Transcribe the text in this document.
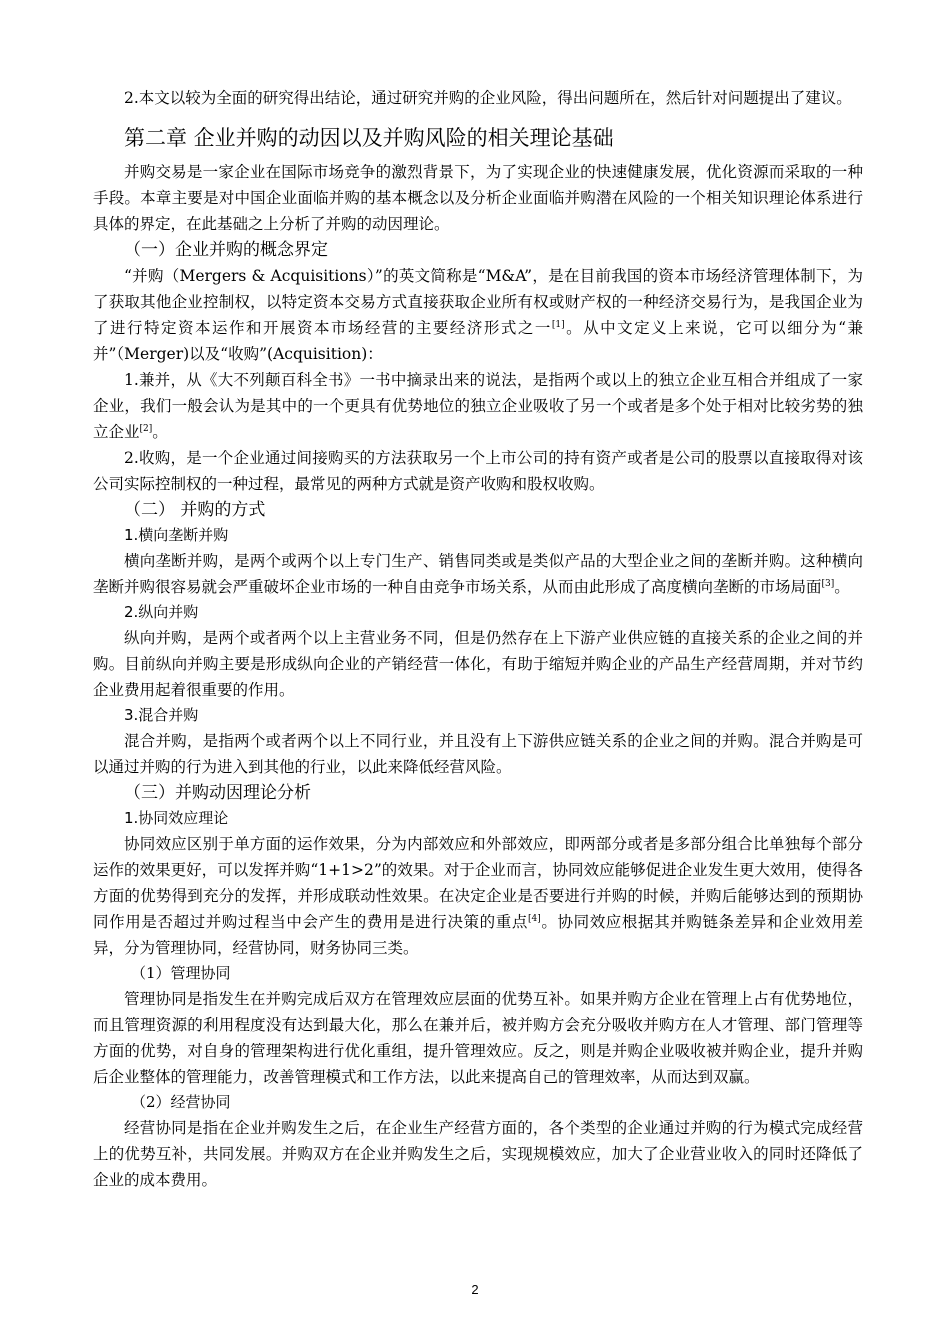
2.本文以较为全面的研究得出结论，通过研究并购的企业风险，得出问题所在，然后针对问题提出了建议。

第二章 企业并购的动因以及并购风险的相关理论基础

并购交易是一家企业在国际市场竞争的激烈背景下，为了实现企业的快速健康发展，优化资源而采取的一种手段。本章主要是对中国企业面临并购的基本概念以及分析企业面临并购潜在风险的一个相关知识理论体系进行具体的界定，在此基础之上分析了并购的动因理论。

（一）企业并购的概念界定

“并购（Mergers & Acquisitions）”的英文简称是“M&A”，是在目前我国的资本市场经济管理体制下，为了获取其他企业控制权，以特定资本交易方式直接获取企业所有权或财产权的一种经济交易行为，是我国企业为了进行特定资本运作和开展资本市场经营的主要经济形式之一[1]。从中文定义上来说，它可以细分为“兼并”（Merger)以及“收购”(Acquisition)：

1.兼并，从《大不列颠百科全书》一书中摘录出来的说法，是指两个或以上的独立企业互相合并组成了一家企业，我们一般会认为是其中的一个更具有优势地位的独立企业吸收了另一个或者是多个处于相对比较劣势的独立企业[2]。

2.收购，是一个企业通过间接购买的方法获取另一个上市公司的持有资产或者是公司的股票以直接取得对该公司实际控制权的一种过程，最常见的两种方式就是资产收购和股权收购。

（二） 并购的方式
1.横向垄断并购

横向垄断并购，是两个或两个以上专门生产、销售同类或是类似产品的大型企业之间的垄断并购。这种横向垄断并购很容易就会严重破坏企业市场的一种自由竞争市场关系，从而由此形成了高度横向垄断的市场局面[3]。

2.纵向并购

纵向并购，是两个或者两个以上主营业务不同，但是仍然存在上下游产业供应链的直接关系的企业之间的并购。目前纵向并购主要是形成纵向企业的产销经营一体化，有助于缩短并购企业的产品生产经营周期，并对节约企业费用起着很重要的作用。

3.混合并购

混合并购，是指两个或者两个以上不同行业，并且没有上下游供应链关系的企业之间的并购。混合并购是可以通过并购的行为进入到其他的行业，以此来降低经营风险。

（三）并购动因理论分析
1.协同效应理论

协同效应区别于单方面的运作效果，分为内部效应和外部效应，即两部分或者是多部分组合比单独每个部分运作的效果更好，可以发挥并购“1+1>2”的效果。对于企业而言，协同效应能够促进企业发生更大效用，使得各方面的优势得到充分的发挥，并形成联动性效果。在决定企业是否要进行并购的时候，并购后能够达到的预期协同作用是否超过并购过程当中会产生的费用是进行决策的重点[4]。协同效应根据其并购链条差异和企业效用差异，分为管理协同，经营协同，财务协同三类。

（1）管理协同

管理协同是指发生在并购完成后双方在管理效应层面的优势互补。如果并购方企业在管理上占有优势地位，而且管理资源的利用程度没有达到最大化，那么在兼并后，被并购方会充分吸收并购方在人才管理、部门管理等方面的优势，对自身的管理架构进行优化重组，提升管理效应。反之，则是并购企业吸收被并购企业，提升并购后企业整体的管理能力，改善管理模式和工作方法，以此来提高自己的管理效率，从而达到双赢。

（2）经营协同

经营协同是指在企业并购发生之后，在企业生产经营方面的，各个类型的企业通过并购的行为模式完成经营上的优势互补，共同发展。并购双方在企业并购发生之后，实现规模效应，加大了企业营业收入的同时还降低了企业的成本费用。

2
